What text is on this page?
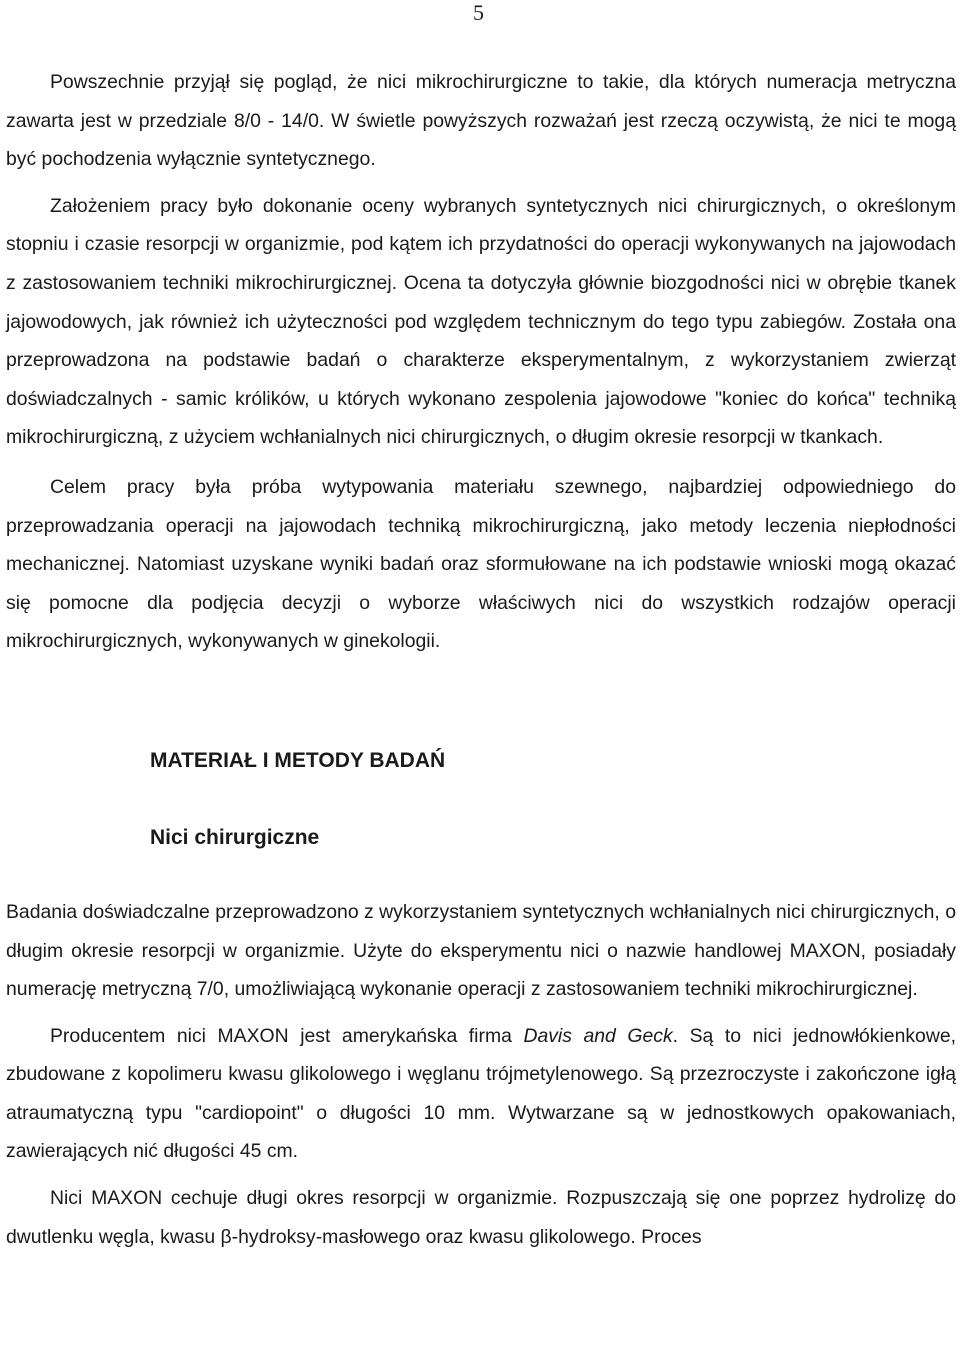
5

Powszechnie przyjął się pogląd, że nici mikrochirurgiczne to takie, dla których numeracja metryczna zawarta jest w przedziale 8/0 - 14/0. W świetle powyższych rozważań jest rzeczą oczywistą, że nici te mogą być pochodzenia wyłącznie syntetycznego.

Założeniem pracy było dokonanie oceny wybranych syntetycznych nici chirurgicznych, o określonym stopniu i czasie resorpcji w organizmie, pod kątem ich przydatności do operacji wykonywanych na jajowodach z zastosowaniem techniki mikrochirurgicznej. Ocena ta dotyczyła głównie biozgodności nici w obrębie tkanek jajowodowych, jak również ich użyteczności pod względem technicznym do tego typu zabiegów. Została ona przeprowadzona na podstawie badań o charakterze eksperymentalnym, z wykorzystaniem zwierząt doświadczalnych - samic królików, u których wykonano zespolenia jajowodowe "koniec do końca" techniką mikrochirurgiczną, z użyciem wchłanialnych nici chirurgicznych, o długim okresie resorpcji w tkankach.

Celem pracy była próba wytypowania materiału szewnego, najbardziej odpowiedniego do przeprowadzania operacji na jajowodach techniką mikrochirurgiczną, jako metody leczenia niepłodności mechanicznej. Natomiast uzyskane wyniki badań oraz sformułowane na ich podstawie wnioski mogą okazać się pomocne dla podjęcia decyzji o wyborze właściwych nici do wszystkich rodzajów operacji mikrochirurgicznych, wykonywanych w ginekologii.

MATERIAŁ I METODY BADAŃ
Nici chirurgiczne

Badania doświadczalne przeprowadzono z wykorzystaniem syntetycznych wchłanialnych nici chirurgicznych, o długim okresie resorpcji w organizmie. Użyte do eksperymentu nici o nazwie handlowej MAXON, posiadały numerację metryczną 7/0, umożliwiającą wykonanie operacji z zastosowaniem techniki mikrochirurgicznej.

Producentem nici MAXON jest amerykańska firma Davis and Geck. Są to nici jednowłókienkowe, zbudowane z kopolimeru kwasu glikolowego i węglanu trójmetylenowego. Są przezroczyste i zakończone igłą atraumatyczną typu "cardiopoint" o długości 10 mm. Wytwarzane są w jednostkowych opakowaniach, zawierających nić długości 45 cm.

Nici MAXON cechuje długi okres resorpcji w organizmie. Rozpuszczają się one poprzez hydrolizę do dwutlenku węgla, kwasu β-hydroksy-masłowego oraz kwasu glikolowego. Proces
